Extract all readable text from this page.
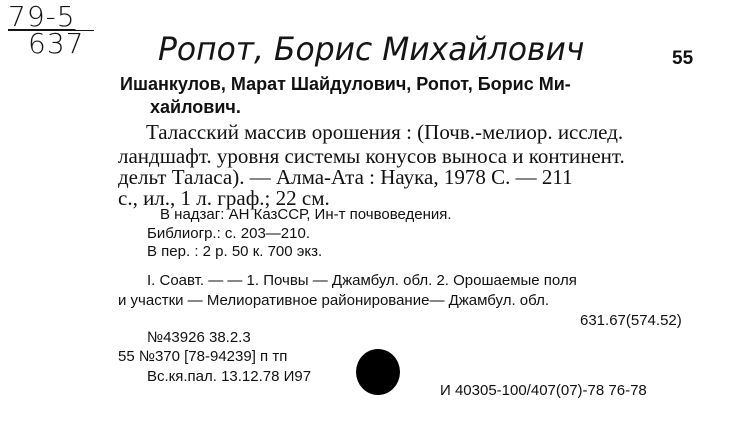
79-5
637 Ропот, Борис Михайлович	55
Ишанкулов, Марат Шайдулович, Ропот, Борис Ми-
хайлович.
Таласский массив орошения : (Почв.-мелиор. исслед.
ландшафт. уровня системы конусов выноса и континент.
дельт Таласа). — Алма-Ата : Наука, 1978 С. — 211
с., ил., 1 л. граф.; 22 см.
В надзаг: АН КазССР, Ин-т почвоведения.
Библиогр.: с. 203—210.
В пер. : 2 р. 50 к. 700 экз.
I. Соавт. — — 1. Почвы — Джамбул. обл. 2. Орошаемые поля
и участки — Мелиоративное районирование— Джамбул. обл.
631.67(574.52)
№43926 38.2.3
55 №370 [78-94239] п тп
Вс.кя.пал. 13.12.78 И97
И 40305-100/407(07)-78 76-78
